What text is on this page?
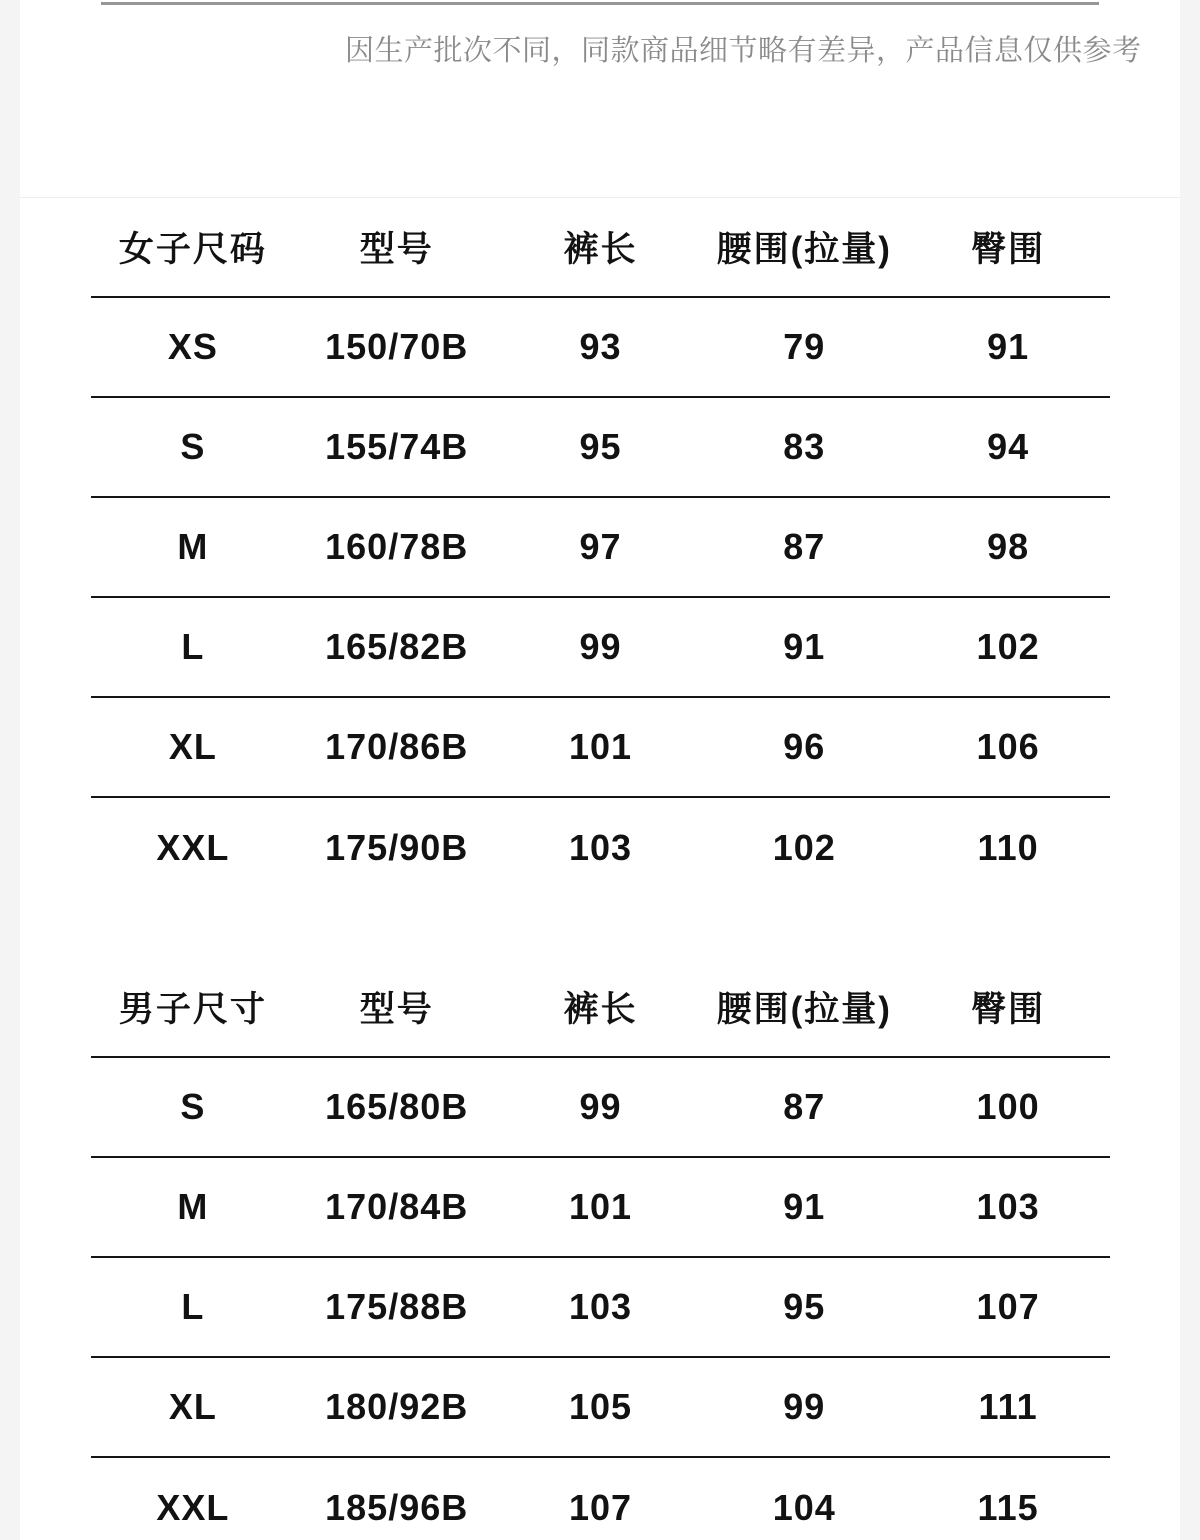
因生产批次不同，同款商品细节略有差异，产品信息仅供参考
女子尺码	型号	裤长	腰围(拉量)	臀围
XS	150/70B	93	79	91
S	155/74B	95	83	94
M	160/78B	97	87	98
L	165/82B	99	91	102
XL	170/86B	101	96	106
XXL	175/90B	103	102	110
男子尺寸	型号	裤长	腰围(拉量)	臀围
S	165/80B	99	87	100
M	170/84B	101	91	103
L	175/88B	103	95	107
XL	180/92B	105	99	111
XXL	185/96B	107	104	115
